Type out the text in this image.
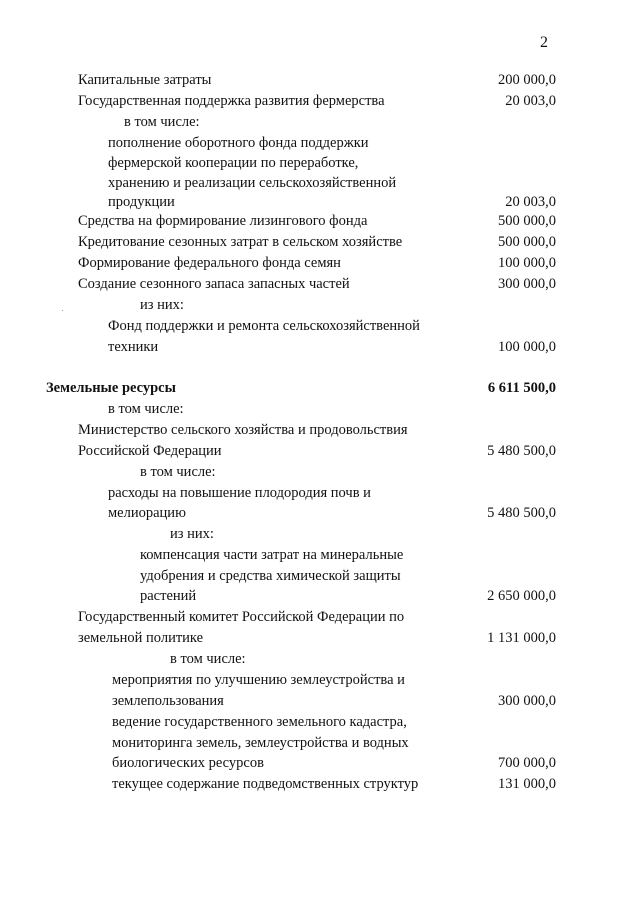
2
Капитальные затраты	200 000,0
Государственная поддержка развития фермерства	20 003,0
в том числе:
пополнение оборотного фонда поддержки
фермерской кооперации по переработке,
хранению и реализации сельскохозяйственной
продукции	20 003,0
Средства на формирование лизингового фонда	500 000,0
Кредитование сезонных затрат в сельском хозяйстве	500 000,0
Формирование федерального фонда семян	100 000,0
Создание сезонного запаса запасных частей	300 000,0
из них:
Фонд поддержки и ремонта сельскохозяйственной
техники	100 000,0
Земельные ресурсы	6 611 500,0
в том числе:
Министерство сельского хозяйства и продовольствия
Российской Федерации	5 480 500,0
в том числе:
расходы на повышение плодородия почв и
мелиорацию	5 480 500,0
из них:
компенсация части затрат на минеральные
удобрения и средства химической защиты
растений	2 650 000,0
Государственный комитет Российской Федерации по
земельной политике	1 131 000,0
в том числе:
мероприятия по улучшению землеустройства и
землепользования	300 000,0
ведение государственного земельного кадастра,
мониторинга земель, землеустройства и водных
биологических ресурсов	700 000,0
текущее содержание подведомственных структур	131 000,0
